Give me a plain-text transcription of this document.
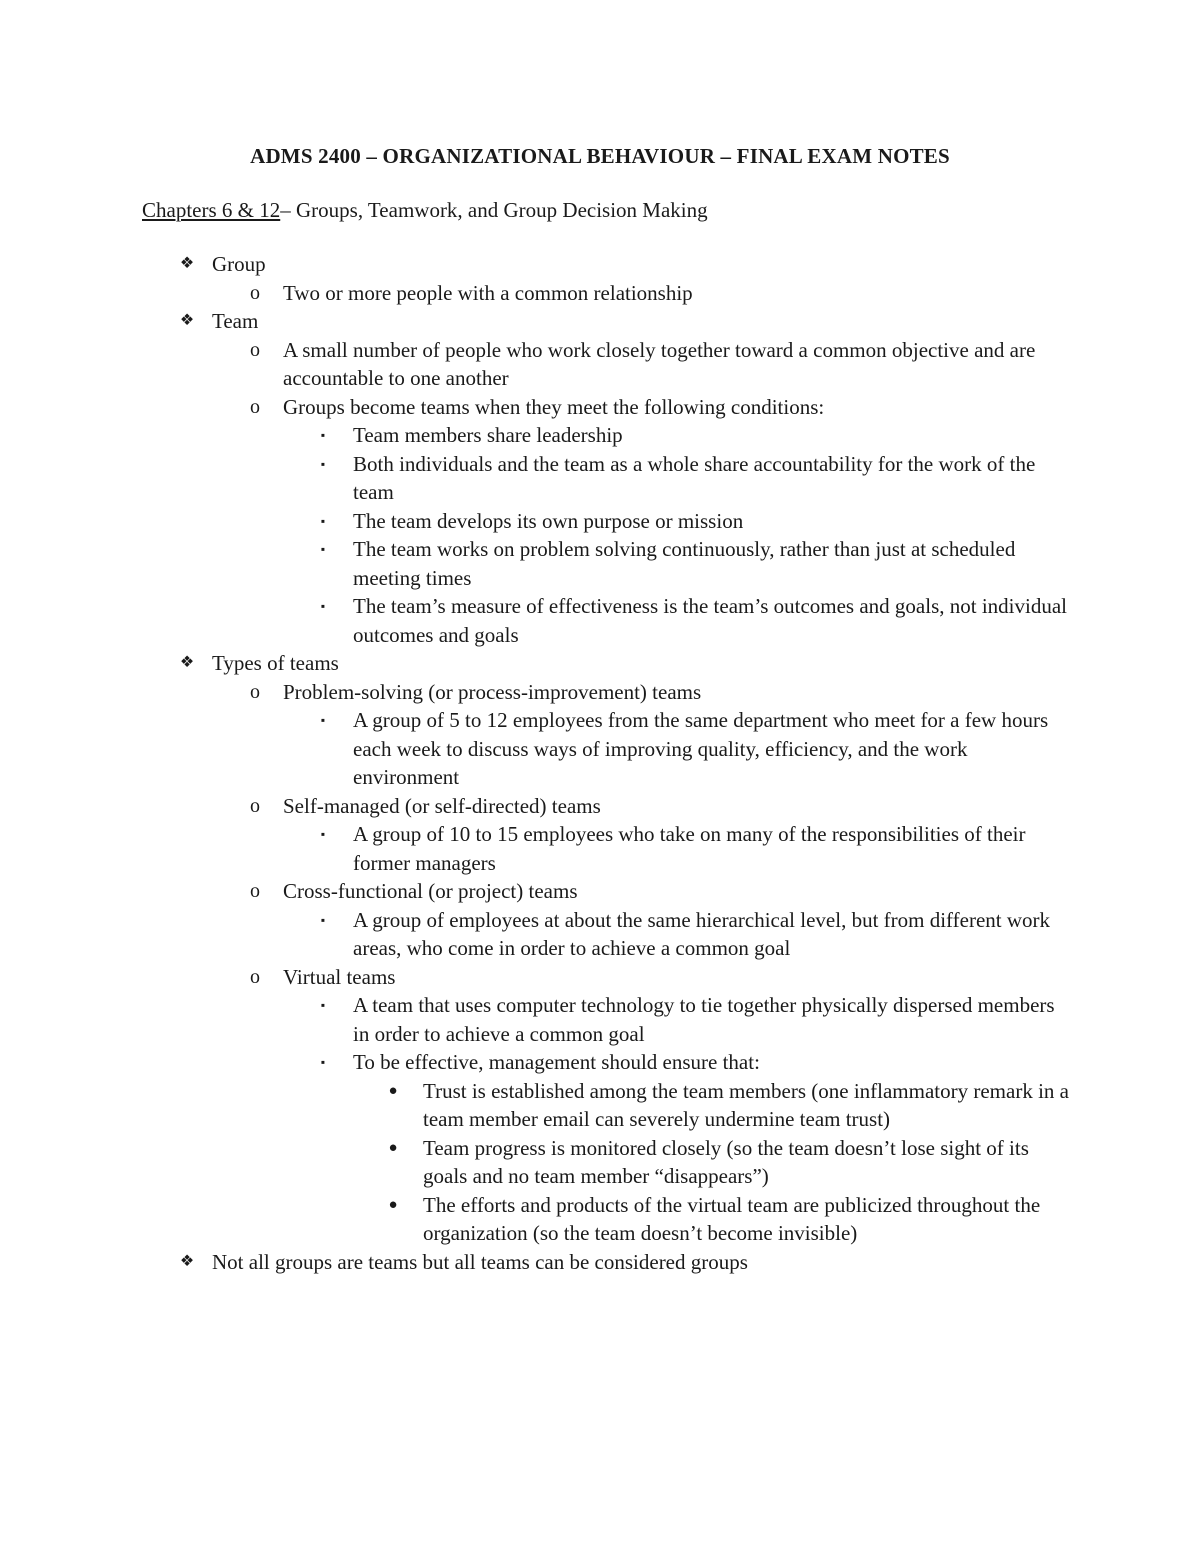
ADMS 2400 – ORGANIZATIONAL BEHAVIOUR – FINAL EXAM NOTES
Chapters 6 & 12– Groups, Teamwork, and Group Decision Making
❖ Group
o Two or more people with a common relationship
❖ Team
o A small number of people who work closely together toward a common objective and are accountable to one another
o Groups become teams when they meet the following conditions:
▪ Team members share leadership
▪ Both individuals and the team as a whole share accountability for the work of the team
▪ The team develops its own purpose or mission
▪ The team works on problem solving continuously, rather than just at scheduled meeting times
▪ The team’s measure of effectiveness is the team’s outcomes and goals, not individual outcomes and goals
❖ Types of teams
o Problem-solving (or process-improvement) teams
▪ A group of 5 to 12 employees from the same department who meet for a few hours each week to discuss ways of improving quality, efficiency, and the work environment
o Self-managed (or self-directed) teams
▪ A group of 10 to 15 employees who take on many of the responsibilities of their former managers
o Cross-functional (or project) teams
▪ A group of employees at about the same hierarchical level, but from different work areas, who come in order to achieve a common goal
o Virtual teams
▪ A team that uses computer technology to tie together physically dispersed members in order to achieve a common goal
▪ To be effective, management should ensure that:
● Trust is established among the team members (one inflammatory remark in a team member email can severely undermine team trust)
● Team progress is monitored closely (so the team doesn’t lose sight of its goals and no team member “disappears”)
● The efforts and products of the virtual team are publicized throughout the organization (so the team doesn’t become invisible)
❖ Not all groups are teams but all teams can be considered groups
